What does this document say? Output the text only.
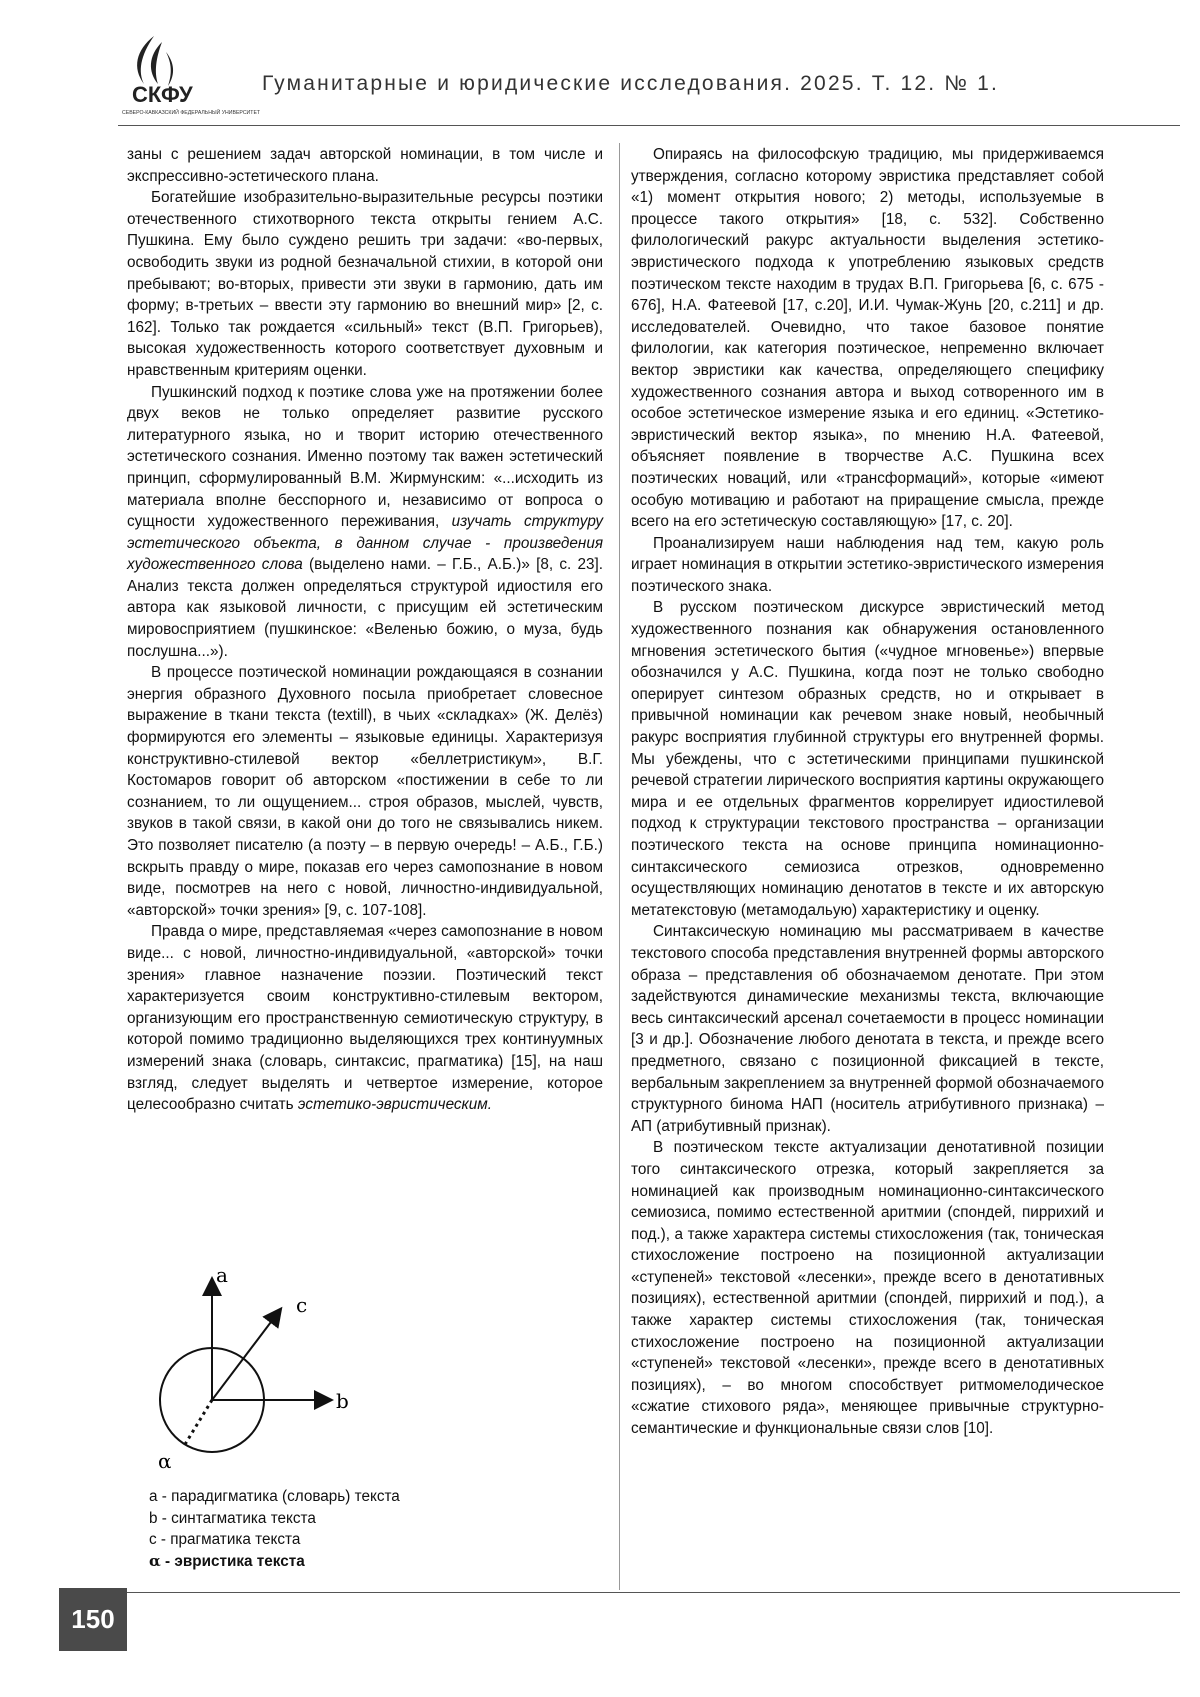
СКФУ
СЕВЕРО-КАВКАЗСКИЙ ФЕДЕРАЛЬНЫЙ УНИВЕРСИТЕТ
Гуманитарные и юридические исследования. 2025. Т. 12. № 1.

заны с решением задач авторской номинации, в том числе и экспрессивно-эстетического плана.

Богатейшие изобразительно-выразительные ресурсы поэтики отечественного стихотворного текста открыты гением А.С. Пушкина. Ему было суждено решить три задачи: «во-первых, освободить звуки из родной безначальной стихии, в которой они пребывают; во-вторых, привести эти звуки в гармонию, дать им форму; в-третьих – ввести эту гармонию во внешний мир» [2, с. 162]. Только так рождается «сильный» текст (В.П. Григорьев), высокая художественность которого соответствует духовным и нравственным критериям оценки.

Пушкинский подход к поэтике слова уже на протяжении более двух веков не только определяет развитие русского литературного языка, но и творит историю отечественного эстетического сознания. Именно поэтому так важен эстетический принцип, сформулированный В.М. Жирмунским: «...исходить из материала вполне бесспорного и, независимо от вопроса о сущности художественного переживания, изучать структуру эстетического объекта, в данном случае - произведения художественного слова (выделено нами. – Г.Б., А.Б.)» [8, с. 23]. Анализ текста должен определяться структурой идиостиля его автора как языковой личности, с присущим ей эстетическим мировосприятием (пушкинское: «Веленью божию, о муза, будь послушна...»).

В процессе поэтической номинации рождающаяся в сознании энергия образного Духовного посыла приобретает словесное выражение в ткани текста (textill), в чьих «складках» (Ж. Делёз) формируются его элементы – языковые единицы. Характеризуя конструктивно-стилевой вектор «беллетристикум», В.Г. Костомаров говорит об авторском «постижении в себе то ли сознанием, то ли ощущением... строя образов, мыслей, чувств, звуков в такой связи, в какой они до того не связывались никем. Это позволяет писателю (а поэту – в первую очередь! – А.Б., Г.Б.) вскрыть правду о мире, показав его через самопознание в новом виде, посмотрев на него с новой, личностно-индивидуальной, «авторской» точки зрения» [9, с. 107-108].

Правда о мире, представляемая «через самопознание в новом виде... с новой, личностно-индивидуальной, «авторской» точки зрения» главное назначение поэзии. Поэтический текст характеризуется своим конструктивно-стилевым вектором, организующим его пространственную семиотическую структуру, в которой помимо традиционно выделяющихся трех континуумных измерений знака (словарь, синтаксис, прагматика) [15], на наш взгляд, следует выделять и четвертое измерение, которое целесообразно считать эстетико-эвристическим.

a
b
c
α
a - парадигматика (словарь) текста
b - синтагматика текста
c - прагматика текста
α - эвристика текста

Опираясь на философскую традицию, мы придерживаемся утверждения, согласно которому эвристика представляет собой «1) момент открытия нового; 2) методы, используемые в процессе такого открытия» [18, с. 532]. Собственно филологический ракурс актуальности выделения эстетико-эвристического подхода к употреблению языковых средств поэтическом тексте находим в трудах В.П. Григорьева [6, с. 675 - 676], Н.А. Фатеевой [17, с.20], И.И. Чумак-Жунь [20, с.211] и др. исследователей. Очевидно, что такое базовое понятие филологии, как категория поэтическое, непременно включает вектор эвристики как качества, определяющего специфику художественного сознания автора и выход сотворенного им в особое эстетическое измерение языка и его единиц. «Эстетико-эвристический вектор языка», по мнению Н.А. Фатеевой, объясняет появление в творчестве А.С. Пушкина всех поэтических новаций, или «трансформаций», которые «имеют особую мотивацию и работают на приращение смысла, прежде всего на его эстетическую составляющую» [17, с. 20].

Проанализируем наши наблюдения над тем, какую роль играет номинация в открытии эстетико-эвристического измерения поэтического знака.

В русском поэтическом дискурсе эвристический метод художественного познания как обнаружения остановленного мгновения эстетического бытия («чудное мгновенье») впервые обозначился у А.С. Пушкина, когда поэт не только свободно оперирует синтезом образных средств, но и открывает в привычной номинации как речевом знаке новый, необычный ракурс восприятия глубинной структуры его внутренней формы. Мы убеждены, что с эстетическими принципами пушкинской речевой стратегии лирического восприятия картины окружающего мира и ее отдельных фрагментов коррелирует идиостилевой подход к структурации текстового пространства – организации поэтического текста на основе принципа номинационно-синтаксического семиозиса отрезков, одновременно осуществляющих номинацию денотатов в тексте и их авторскую метатекстовую (метамодальую) характеристику и оценку.

Синтаксическую номинацию мы рассматриваем в качестве текстового способа представления внутренней формы авторского образа – представления об обозначаемом денотате. При этом задействуются динамические механизмы текста, включающие весь синтаксический арсенал сочетаемости в процесс номинации [3 и др.]. Обозначение любого денотата в текста, и прежде всего предметного, связано с позиционной фиксацией в тексте, вербальным закреплением за внутренней формой обозначаемого структурного бинома НАП (носитель атрибутивного признака) – АП (атрибутивный признак).

В поэтическом тексте актуализации денотативной позиции того синтаксического отрезка, который закрепляется за номинацией как производным номинационно-синтаксического семиозиса, помимо естественной аритмии (спондей, пиррихий и под.), а также характера системы стихосложения (так, тоническая стихосложение построено на позиционной актуализации «ступеней» текстовой «лесенки», прежде всего в денотативных позициях), естественной аритмии (спондей, пиррихий и под.), а также характер системы стихосложения (так, тоническая стихосложение построено на позиционной актуализации «ступеней» текстовой «лесенки», прежде всего в денотативных позициях), – во многом способствует ритмомелодическое «сжатие стихового ряда», меняющее привычные структурно-семантические и функциональные связи слов [10].

150
